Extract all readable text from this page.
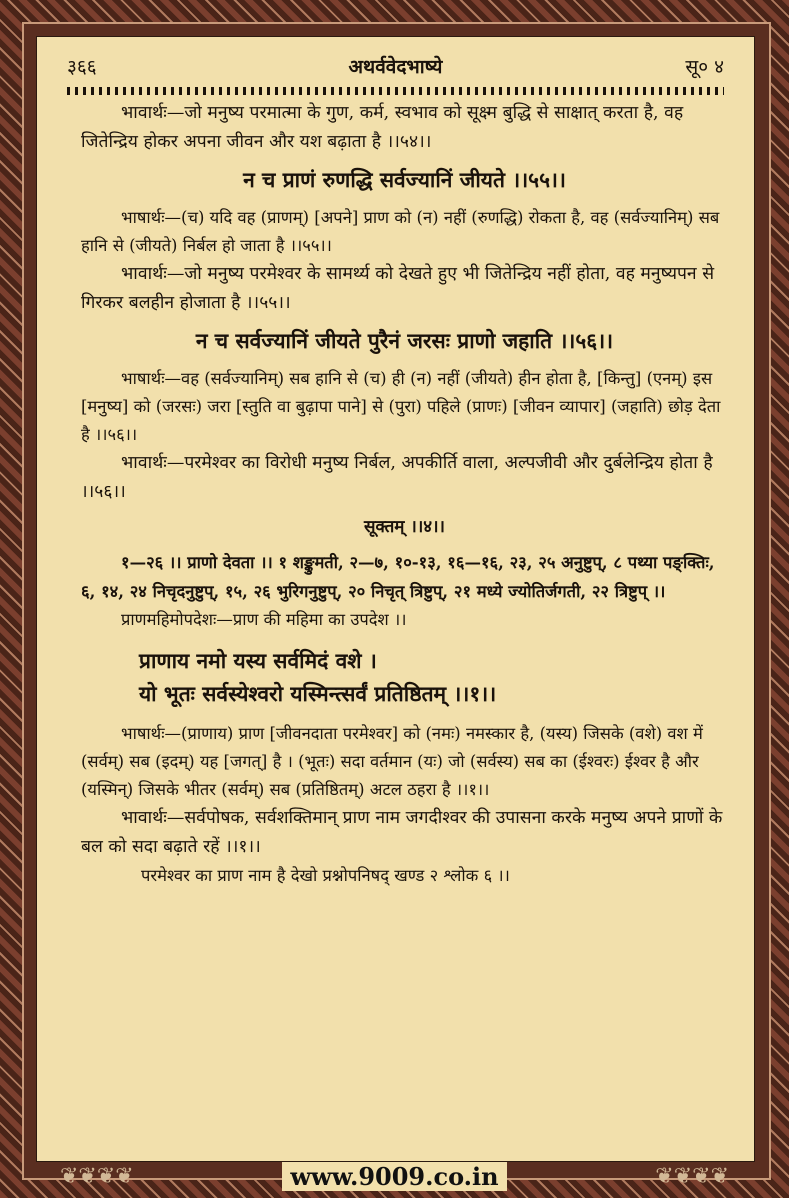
३६६	अथर्ववेदभाष्ये	सू० ४

भावार्थः—जो मनुष्य परमात्मा के गुण, कर्म, स्वभाव को सूक्ष्म बुद्धि से साक्षात् करता है, वह जितेन्द्रिय होकर अपना जीवन और यश बढ़ाता है ।।५४।।

न च प्राणं रुणद्धि सर्वज्यानिं जीयते ।।५५।।

भाषार्थः—(च) यदि वह (प्राणम्) [अपने] प्राण को (न) नहीं (रुणद्धि) रोकता है, वह (सर्वज्यानिम्) सब हानि से (जीयते) निर्बल हो जाता है ।।५५।।

भावार्थः—जो मनुष्य परमेश्वर के सामर्थ्य को देखते हुए भी जितेन्द्रिय नहीं होता, वह मनुष्यपन से गिरकर बलहीन होजाता है ।।५५।।

न च सर्वज्यानिं जीयते पुरैनं जरसः प्राणो जहाति ।।५६।।

भाषार्थः—वह (सर्वज्यानिम्) सब हानि से (च) ही (न) नहीं (जीयते) हीन होता है, [किन्तु] (एनम्) इस [मनुष्य] को (जरसः) जरा [स्तुति वा बुढ़ापा पाने] से (पुरा) पहिले (प्राणः) [जीवन व्यापार] (जहाति) छोड़ देता है ।।५६।।

भावार्थः—परमेश्वर का विरोधी मनुष्य निर्बल, अपकीर्ति वाला, अल्पजीवी और दुर्बलेन्द्रिय होता है ।।५६।।

सूक्तम् ।।४।।

१—२६ ।। प्राणो देवता ।। १ शङ्कुमती, २—७, १०-१३, १६—१६, २३, २५ अनुष्टुप्, ८ पथ्या पङ्क्तिः, ६, १४, २४ निचृदनुष्टुप्, १५, २६ भुरिगनुष्टुप्, २० निचृत् त्रिष्टुप्, २१ मध्ये ज्योतिर्जगती, २२ त्रिष्टुप् ।।

प्राणमहिमोपदेशः—प्राण की महिमा का उपदेश ।।

प्राणाय नमो यस्य सर्वमिदं वशे ।

यो भूतः सर्वस्येश्वरो यस्मिन्त्सर्वं प्रतिष्ठितम् ।।१।।

भाषार्थः—(प्राणाय) प्राण [जीवनदाता परमेश्वर] को (नमः) नमस्कार है, (यस्य) जिसके (वशे) वश में (सर्वम्) सब (इदम्) यह [जगत्] है । (भूतः) सदा वर्तमान (यः) जो (सर्वस्य) सब का (ईश्वरः) ईश्वर है और (यस्मिन्) जिसके भीतर (सर्वम्) सब (प्रतिष्ठितम्) अटल ठहरा है ।।१।।

भावार्थः—सर्वपोषक, सर्वशक्तिमान् प्राण नाम जगदीश्वर की उपासना करके मनुष्य अपने प्राणों के बल को सदा बढ़ाते रहें ।।१।।

परमेश्वर का प्राण नाम है देखो प्रश्नोपनिषद् खण्ड २ श्लोक ६ ।।

❦❦❦❦	❦❦❦❦
www.9009.co.in
